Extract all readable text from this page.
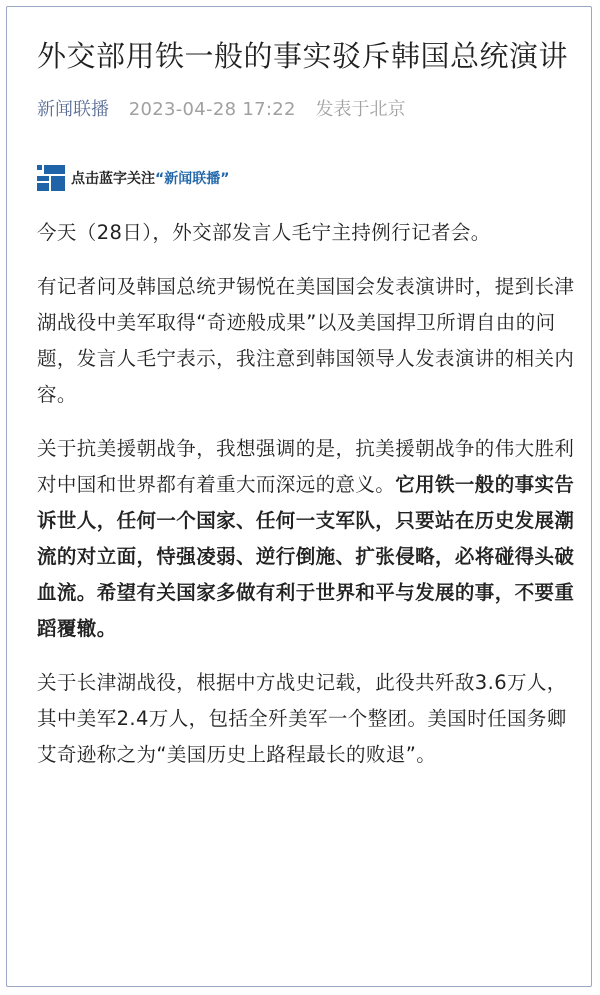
外交部用铁一般的事实驳斥韩国总统演讲
新闻联播 2023-04-28 17:22 发表于北京
点击蓝字关注 “新闻联播”

今天（28日），外交部发言人毛宁主持例行记者会。

有记者问及韩国总统尹锡悦在美国国会发表演讲时，提到长津湖战役中美军取得“奇迹般成果”以及美国捍卫所谓自由的问题，发言人毛宁表示，我注意到韩国领导人发表演讲的相关内容。

关于抗美援朝战争，我想强调的是，抗美援朝战争的伟大胜利对中国和世界都有着重大而深远的意义。它用铁一般的事实告诉世人，任何一个国家、任何一支军队，只要站在历史发展潮流的对立面，恃强凌弱、逆行倒施、扩张侵略，必将碰得头破血流。希望有关国家多做有利于世界和平与发展的事，不要重蹈覆辙。

关于长津湖战役，根据中方战史记载，此役共歼敌3.6万人，其中美军2.4万人，包括全歼美军一个整团。美国时任国务卿艾奇逊称之为“美国历史上路程最长的败退”。
